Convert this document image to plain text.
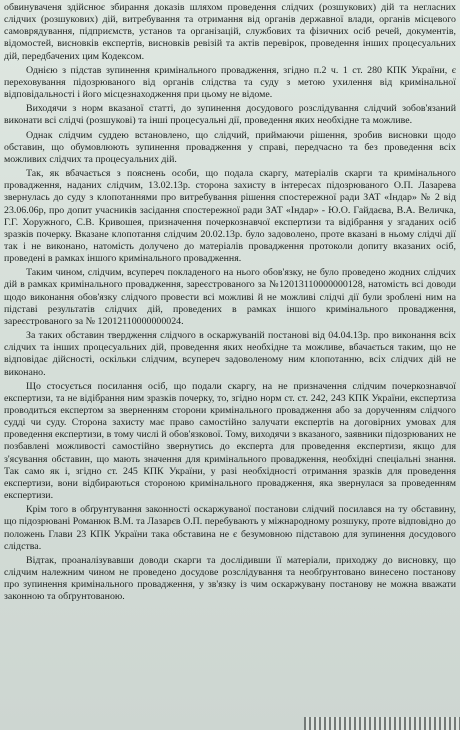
обвинуваченя здійснює збирання доказів шляхом проведення слідчих (розшукових) дій та негласних слідчих (розшукових) дій, витребування та отримання від органів державної влади, органів місцевого самоврядування, підприємств, установ та організацій, службових та фізичних осіб речей, документів, відомостей, висновків експертів, висновків ревізій та актів перевірок, проведення інших процесуальних дій, передбачених цим Кодексом.

Однією з підстав зупинення кримінального провадження, згідно п.2 ч. 1 ст. 280 КПК України, є переховування підозрюваного від органів слідства та суду з метою ухилення від кримінальної відповідальності і його місцезнаходження при цьому не відоме.

Виходячи з норм вказаної статті, до зупинення досудового розслідування слідчий зобов'язаний виконати всі слідчі (розшукові) та інші процесуальні дії, проведення яких необхідне та можливе.

Однак слідчим суддею встановлено, що слідчий, приймаючи рішення, зробив висновки щодо обставин, що обумовлюють зупинення провадження у справі, передчасно та без проведення всіх можливих слідчих та процесуальних дій.

Так, як вбачається з пояснень особи, що подала скаргу, матеріалів скарги та кримінального провадження, наданих слідчим, 13.02.13р. сторона захисту в інтересах підозрюваного О.П. Лазарева звернулась до суду з клопотаннями про витребування рішення спостережної ради ЗАТ «Індар» № 2 від 23.06.06р, про допит учасників засідання спостережної ради ЗАТ «Індар» - Ю.О. Гайдаєва, В.А. Величка, Г.Г. Хоружного, С.В. Кривошея, призначення почеркознавчої експертизи та відібрання у згаданих осіб зразків почерку. Вказане клопотання слідчим 20.02.13р. було задоволено, проте вказані в ньому слідчі дії так і не виконано, натомість долучено до матеріалів провадження протоколи допиту вказаних осіб, проведені в рамках іншого кримінального провадження.

Таким чином, слідчим, всупереч покладеного на нього обов'язку, не було проведено жодних слідчих дій в рамках кримінального провадження, зареєстрованого за №12013110000000128, натомість всі доводи щодо виконання обов'язку слідчого провести всі можливі й не можливі слідчі дії були зроблені ним на підставі результатів слідчих дій, проведених в рамках іншого кримінального провадження, зареєстрованого за № 12012110000000024.

За таких обставин твердження слідчого в оскаржуваній постанові від 04.04.13р. про виконання всіх слідчих та інших процесуальних дій, проведення яких необхідне та можливе, вбачається таким, що не відповідає дійсності, оскільки слідчим, всупереч задоволеному ним клопотанню, всіх слідчих дій не виконано.

Що стосується посилання осіб, що подали скаргу, на не призначення слідчим почеркознавчої експертизи, та не відібрання ним зразків почерку, то, згідно норм ст. ст. 242, 243 КПК України, експертиза проводиться експертом за зверненням сторони кримінального провадження або за дорученням слідчого судді чи суду. Сторона захисту має право самостійно залучати експертів на договірних умовах для проведення експертизи, в тому числі й обов'язкової. Тому, виходячи з вказаного, заявники підозрюваних не позбавлені можливості самостійно звернутись до експерта для проведення експертизи, якщо для з'ясування обставин, що мають значення для кримінального провадження, необхідні спеціальні знання. Так само як і, згідно ст. 245 КПК України, у разі необхідності отримання зразків для проведення експертизи, вони відбираються стороною кримінального провадження, яка звернулася за проведенням експертизи.

Крім того в обґрунтування законності оскаржуваної постанови слідчий посилався на ту обставину, що підозрювані Романюк В.М. та Лазарєв О.П. перебувають у міжнародному розшуку, проте відповідно до положень Глави 23 КПК України така обставина не є безумовною підставою для зупинення досудового слідства.

Відтак, проаналізувавши доводи скарги та дослідивши її матеріали, приходжу до висновку, що слідчим належним чином не проведено досудове розслідування та необґрунтовано винесено постанову про зупинення кримінального провадження, у зв'язку із чим оскаржувану постанову не можна вважати законною та обґрунтованою.
